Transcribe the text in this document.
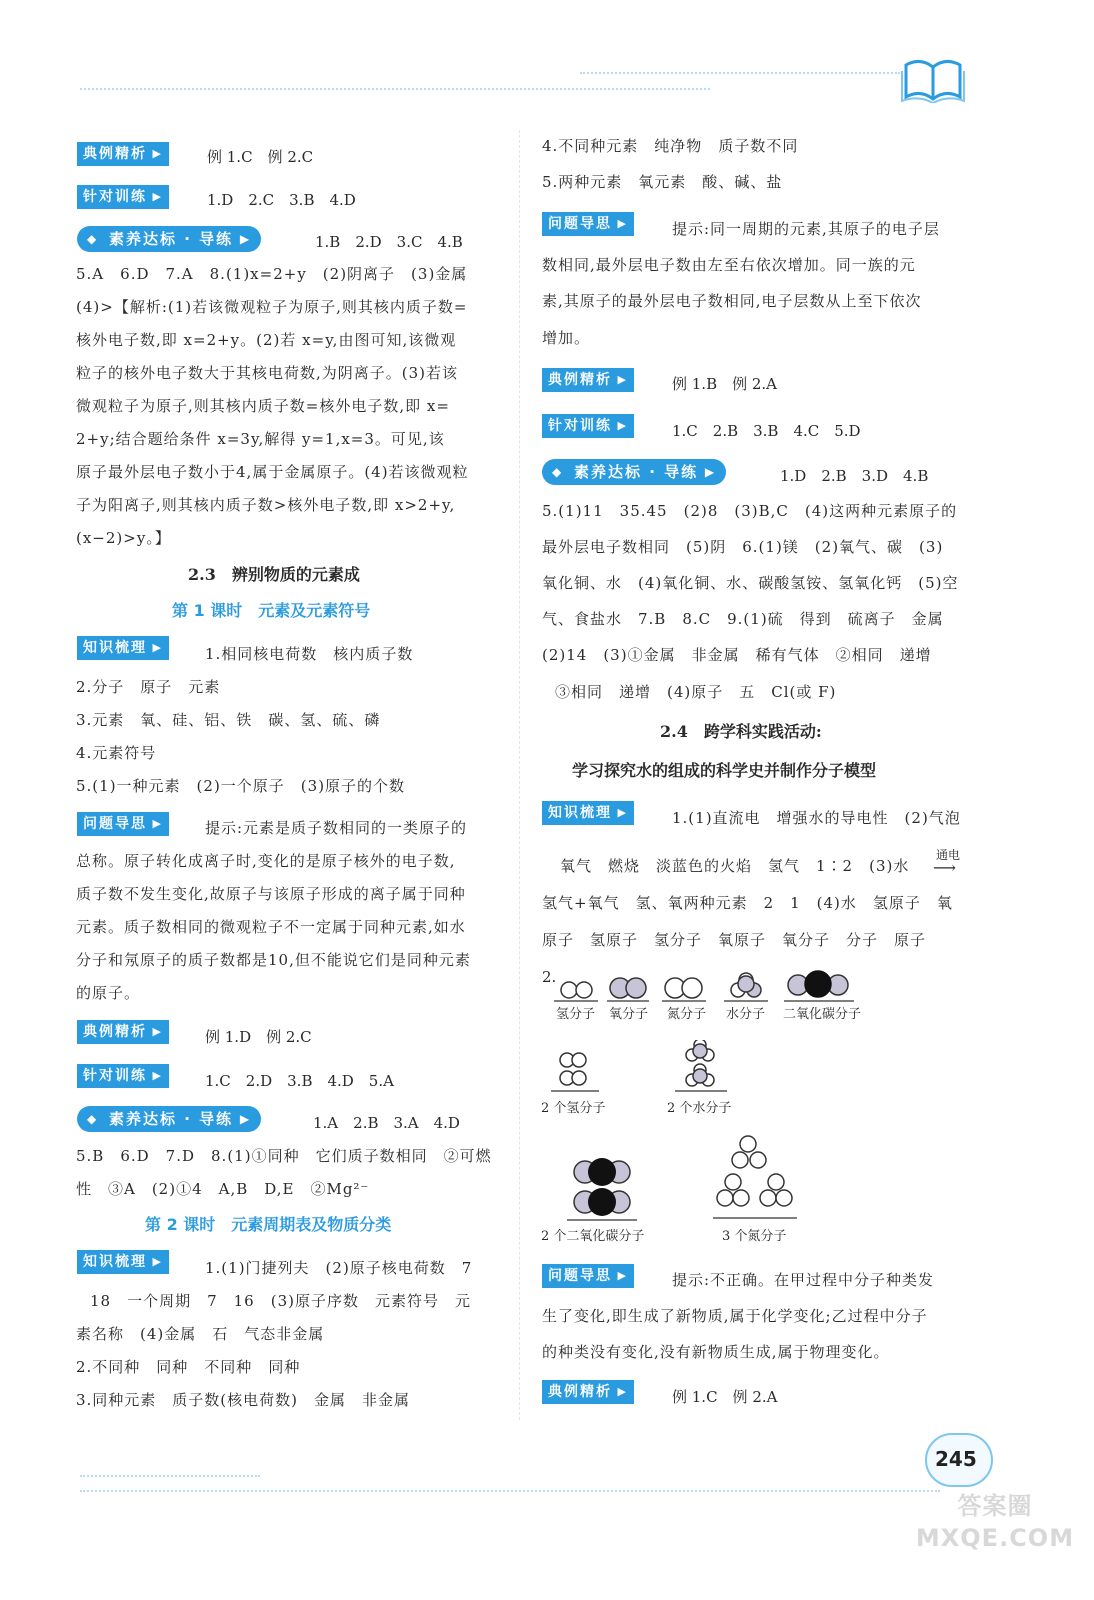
典例精析 ▶	例 1.C　例 2.C
针对训练 ▶	1.D　2.C　3.B　4.D
◆ 素养达标 · 导练 ▶	1.B　2.D　3.C　4.B
5.A　6.D　7.A　8.(1)x=2+y　(2)阴离子　(3)金属
(4)>【解析:(1)若该微观粒子为原子,则其核内质子数=
核外电子数,即 x=2+y。(2)若 x=y,由图可知,该微观
粒子的核外电子数大于其核电荷数,为阴离子。(3)若该
微观粒子为原子,则其核内质子数=核外电子数,即 x=
2+y;结合题给条件 x=3y,解得 y=1,x=3。可见,该
原子最外层电子数小于4,属于金属原子。(4)若该微观粒
子为阳离子,则其核内质子数>核外电子数,即 x>2+y,
(x−2)>y。】
2.3　辨别物质的元素成
第 1 课时　元素及元素符号
知识梳理 ▶	1.相同核电荷数　核内质子数
2.分子　原子　元素
3.元素　氧、硅、铝、铁　碳、氢、硫、磷
4.元素符号
5.(1)一种元素　(2)一个原子　(3)原子的个数
问题导思 ▶	提示:元素是质子数相同的一类原子的
总称。原子转化成离子时,变化的是原子核外的电子数,
质子数不发生变化,故原子与该原子形成的离子属于同种
元素。质子数相同的微观粒子不一定属于同种元素,如水
分子和氖原子的质子数都是10,但不能说它们是同种元素
的原子。
典例精析 ▶	例 1.D　例 2.C
针对训练 ▶	1.C　2.D　3.B　4.D　5.A
◆ 素养达标 · 导练 ▶	1.A　2.B　3.A　4.D
5.B　6.D　7.D　8.(1)①同种　它们质子数相同　②可燃
性　③A　(2)①4　A,B　D,E　②Mg²⁻
第 2 课时　元素周期表及物质分类
知识梳理 ▶	1.(1)门捷列夫　(2)原子核电荷数　7
18　一个周期　7　16　(3)原子序数　元素符号　元
素名称　(4)金属　石　气态非金属
2.不同种　同种　不同种　同种
3.同种元素　质子数(核电荷数)　金属　非金属
4.不同种元素　纯净物　质子数不同
5.两种元素　氧元素　酸、碱、盐
问题导思 ▶	提示:同一周期的元素,其原子的电子层
数相同,最外层电子数由左至右依次增加。同一族的元
素,其原子的最外层电子数相同,电子层数从上至下依次
增加。
典例精析 ▶	例 1.B　例 2.A
针对训练 ▶	1.C　2.B　3.B　4.C　5.D
◆ 素养达标 · 导练 ▶	1.D　2.B　3.D　4.B
5.(1)11　35.45　(2)8　(3)B,C　(4)这两种元素原子的
最外层电子数相同　(5)阴　6.(1)镁　(2)氧气、碳　(3)
氧化铜、水　(4)氧化铜、水、碳酸氢铵、氢氧化钙　(5)空
气、食盐水　7.B　8.C　9.(1)硫　得到　硫离子　金属
(2)14　(3)①金属　非金属　稀有气体　②相同　递增
③相同　递增　(4)原子　五　Cl(或 F)
2.4　跨学科实践活动:
学习探究水的组成的科学史并制作分子模型
知识梳理 ▶	1.(1)直流电　增强水的导电性　(2)气泡
氧气　燃烧　淡蓝色的火焰　氢气　1∶2　(3)水
通电
⟶
氢气+氧气　氢、氧两种元素　2　1　(4)水　氢原子　氧
原子　氢原子　氢分子　氧原子　氧分子　分子　原子
2.
氢分子 氧分子 氮分子 水分子 二氧化碳分子
2 个氢分子	2 个水分子
2 个二氧化碳分子	3 个氮分子
问题导思 ▶	提示:不正确。在甲过程中分子种类发
生了变化,即生成了新物质,属于化学变化;乙过程中分子
的种类没有变化,没有新物质生成,属于物理变化。
典例精析 ▶	例 1.C　例 2.A
245
答案圈 MXQE.COM
